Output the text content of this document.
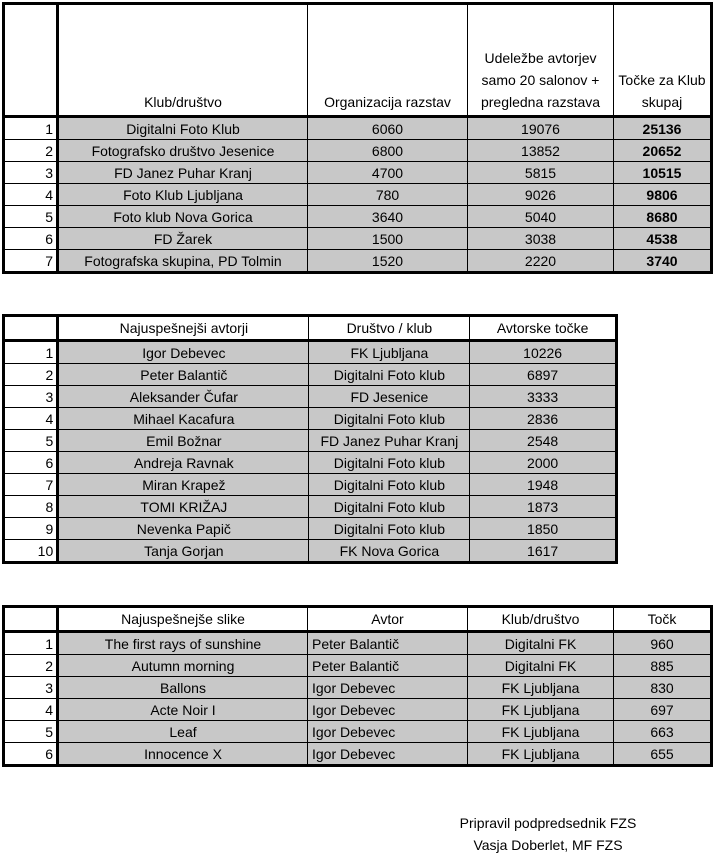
	Klub/društvo	Organizacija razstav	Udeležbe avtorjev samo 20 salonov + pregledna razstava	Točke za Klub skupaj
1	Digitalni Foto Klub	6060	19076	25136
2	Fotografsko društvo Jesenice	6800	13852	20652
3	FD Janez Puhar Kranj	4700	5815	10515
4	Foto Klub Ljubljana	780	9026	9806
5	Foto klub Nova Gorica	3640	5040	8680
6	FD Žarek	1500	3038	4538
7	Fotografska skupina, PD Tolmin	1520	2220	3740
	Najuspešnejši avtorji	Društvo / klub	Avtorske točke
1	Igor Debevec	FK Ljubljana	10226
2	Peter Balantič	Digitalni Foto klub	6897
3	Aleksander Čufar	FD Jesenice	3333
4	Mihael Kacafura	Digitalni Foto klub	2836
5	Emil Božnar	FD Janez Puhar Kranj	2548
6	Andreja Ravnak	Digitalni Foto klub	2000
7	Miran Krapež	Digitalni Foto klub	1948
8	TOMI KRIŽAJ	Digitalni Foto klub	1873
9	Nevenka Papič	Digitalni Foto klub	1850
10	Tanja Gorjan	FK Nova Gorica	1617
	Najuspešnejše slike	Avtor	Klub/društvo	Točk
1	The first rays of sunshine	Peter Balantič	Digitalni FK	960
2	Autumn morning	Peter Balantič	Digitalni FK	885
3	Ballons	Igor Debevec	FK Ljubljana	830
4	Acte Noir I	Igor Debevec	FK Ljubljana	697
5	Leaf	Igor Debevec	FK Ljubljana	663
6	Innocence X	Igor Debevec	FK Ljubljana	655
Pripravil podpredsednik FZS
Vasja Doberlet, MF FZS
